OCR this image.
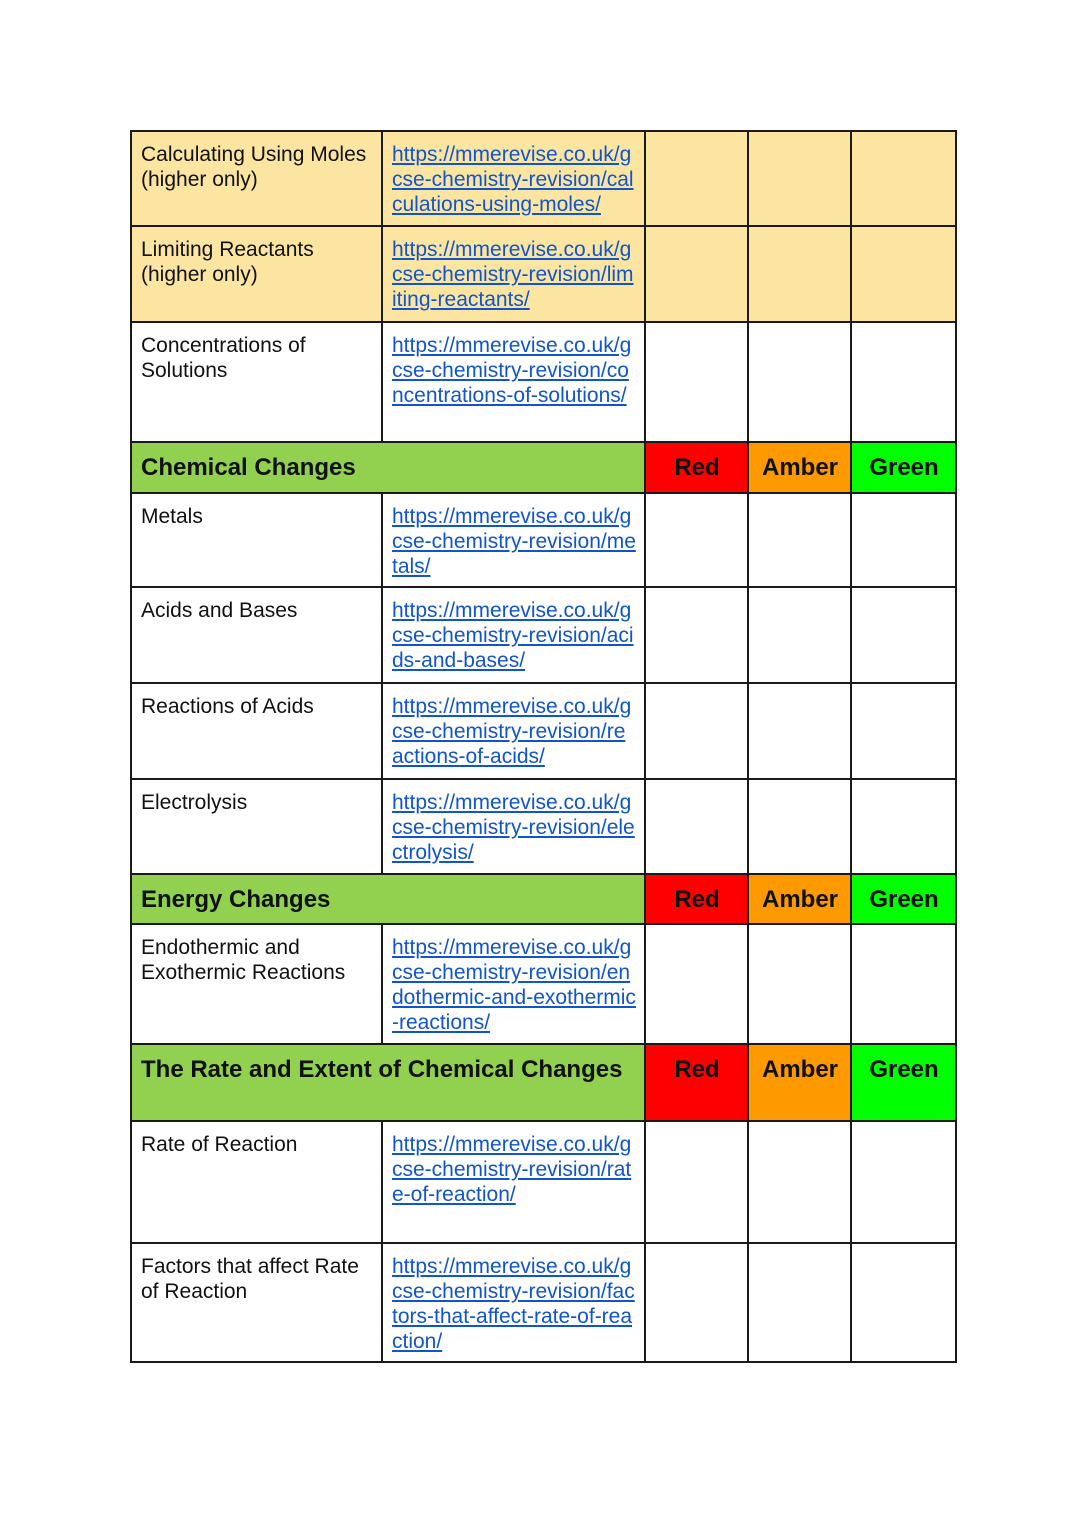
Calculating Using Moles (higher only)	https://mmerevise.co.uk/gcse-chemistry-revision/calculations-using-moles/			
Limiting Reactants (higher only)	https://mmerevise.co.uk/gcse-chemistry-revision/limiting-reactants/			
Concentrations of Solutions	https://mmerevise.co.uk/gcse-chemistry-revision/concentrations-of-solutions/			
Chemical Changes		Red	Amber	Green
Metals	https://mmerevise.co.uk/gcse-chemistry-revision/metals/			
Acids and Bases	https://mmerevise.co.uk/gcse-chemistry-revision/acids-and-bases/			
Reactions of Acids	https://mmerevise.co.uk/gcse-chemistry-revision/reactions-of-acids/			
Electrolysis	https://mmerevise.co.uk/gcse-chemistry-revision/electrolysis/			
Energy Changes		Red	Amber	Green
Endothermic and Exothermic Reactions	https://mmerevise.co.uk/gcse-chemistry-revision/endothermic-and-exothermic-reactions/			
The Rate and Extent of Chemical Changes		Red	Amber	Green
Rate of Reaction	https://mmerevise.co.uk/gcse-chemistry-revision/rate-of-reaction/			
Factors that affect Rate of Reaction	https://mmerevise.co.uk/gcse-chemistry-revision/factors-that-affect-rate-of-reaction/			
